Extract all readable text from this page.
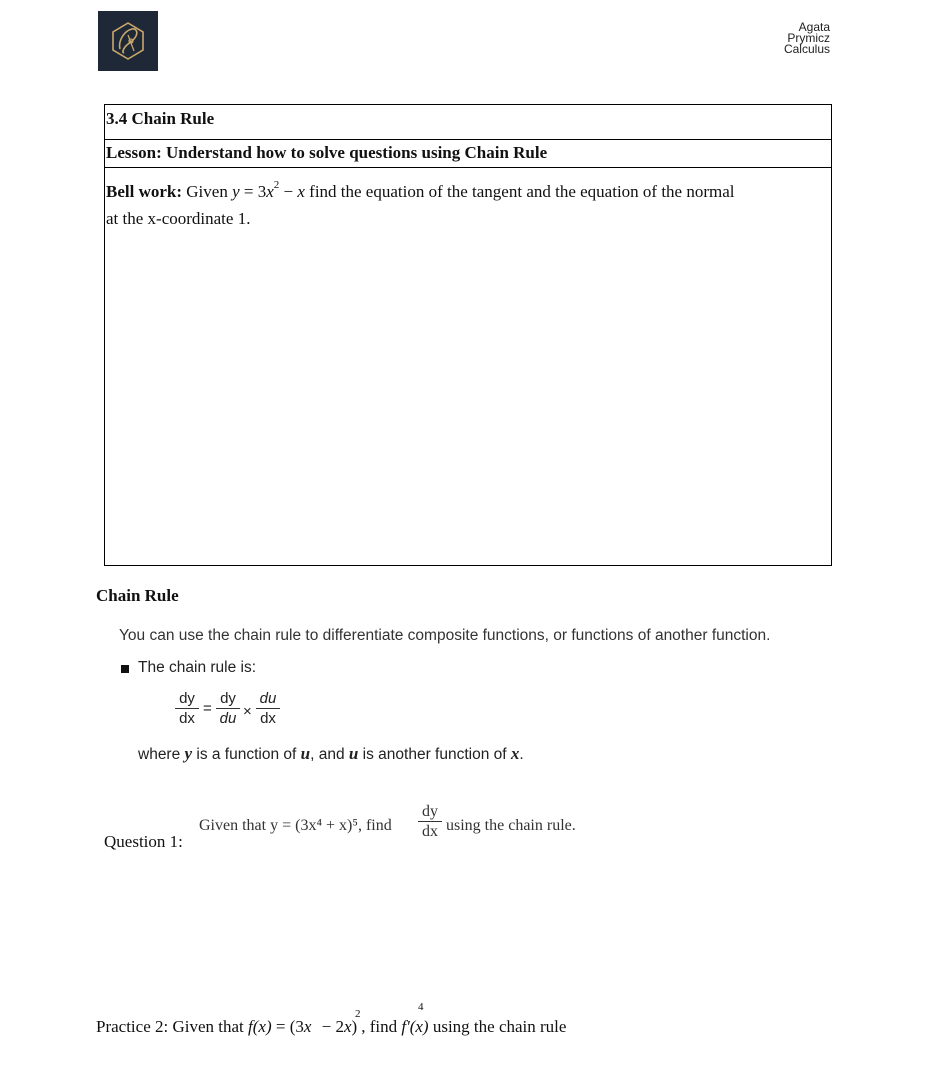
Agata
Prymicz
Calculus
3.4 Chain Rule
Lesson: Understand how to solve questions using Chain Rule
Bell work: Given $y = 3x^2 - x$ find the equation of the tangent and the equation of the normal
at the x-coordinate 1.
Chain Rule
You can use the chain rule to differentiate composite functions, or functions of another function.
The chain rule is:
dy
dx
=
dy
du ×
du
dx
where y is a function of u, and u is another function of x.
Question 1:
Given that y = (3x⁴ + x)⁵, find
dy
dx using the chain rule.
Practice 2: Given that f(x) = (3x − 2x) , find f'(x) using the chain rule
2
4
